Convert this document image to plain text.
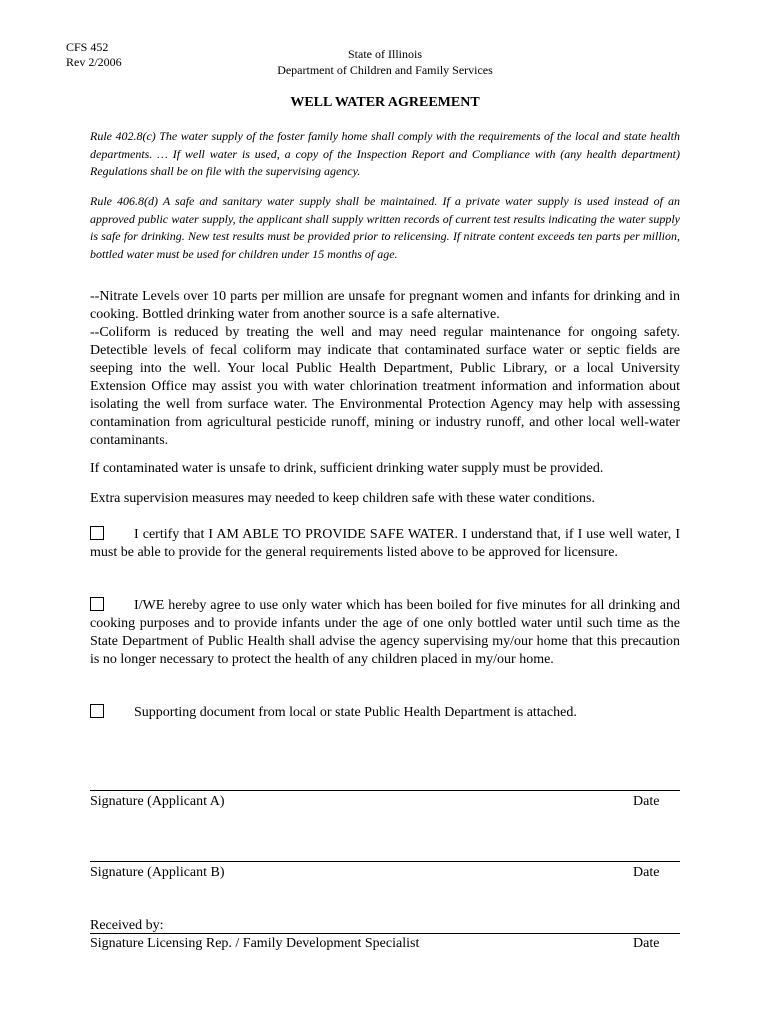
CFS 452
Rev 2/2006
State of Illinois
Department of Children and Family Services
WELL WATER AGREEMENT
Rule 402.8(c) The water supply of the foster family home shall comply with the requirements of the local and state health departments. … If well water is used, a copy of the Inspection Report and Compliance with (any health department) Regulations shall be on file with the supervising agency.
Rule 406.8(d) A safe and sanitary water supply shall be maintained. If a private water supply is used instead of an approved public water supply, the applicant shall supply written records of current test results indicating the water supply is safe for drinking. New test results must be provided prior to relicensing. If nitrate content exceeds ten parts per million, bottled water must be used for children under 15 months of age.
--Nitrate Levels over 10 parts per million are unsafe for pregnant women and infants for drinking and in cooking. Bottled drinking water from another source is a safe alternative.
--Coliform is reduced by treating the well and may need regular maintenance for ongoing safety. Detectible levels of fecal coliform may indicate that contaminated surface water or septic fields are seeping into the well. Your local Public Health Department, Public Library, or a local University Extension Office may assist you with water chlorination treatment information and information about isolating the well from surface water. The Environmental Protection Agency may help with assessing contamination from agricultural pesticide runoff, mining or industry runoff, and other local well-water contaminants.
If contaminated water is unsafe to drink, sufficient drinking water supply must be provided.
Extra supervision measures may needed to keep children safe with these water conditions.
I certify that I AM ABLE TO PROVIDE SAFE WATER. I understand that, if I use well water, I must be able to provide for the general requirements listed above to be approved for licensure.
I/WE hereby agree to use only water which has been boiled for five minutes for all drinking and cooking purposes and to provide infants under the age of one only bottled water until such time as the State Department of Public Health shall advise the agency supervising my/our home that this precaution is no longer necessary to protect the health of any children placed in my/our home.
Supporting document from local or state Public Health Department is attached.
Signature (Applicant A)	Date
Signature (Applicant B)	Date
Received by:
Signature Licensing Rep. / Family Development Specialist	Date
